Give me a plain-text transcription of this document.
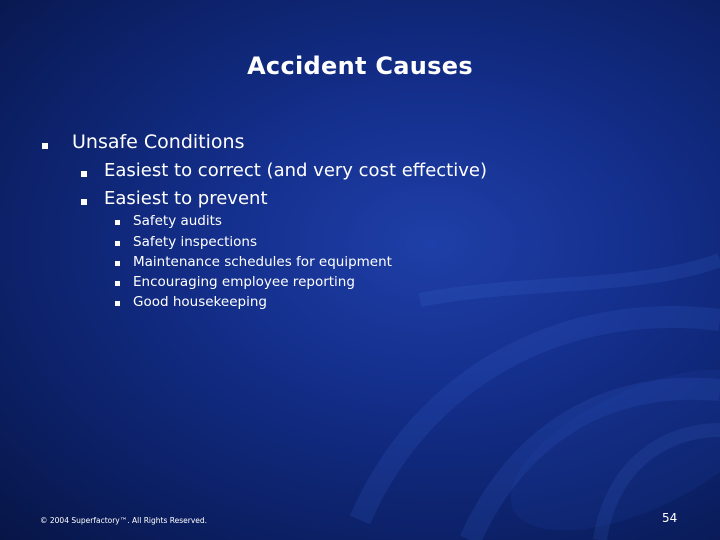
Accident Causes
Unsafe Conditions
Easiest to correct (and very cost effective)
Easiest to prevent
Safety audits
Safety inspections
Maintenance schedules for equipment
Encouraging employee reporting
Good housekeeping
© 2004 Superfactory™. All Rights Reserved.	54
